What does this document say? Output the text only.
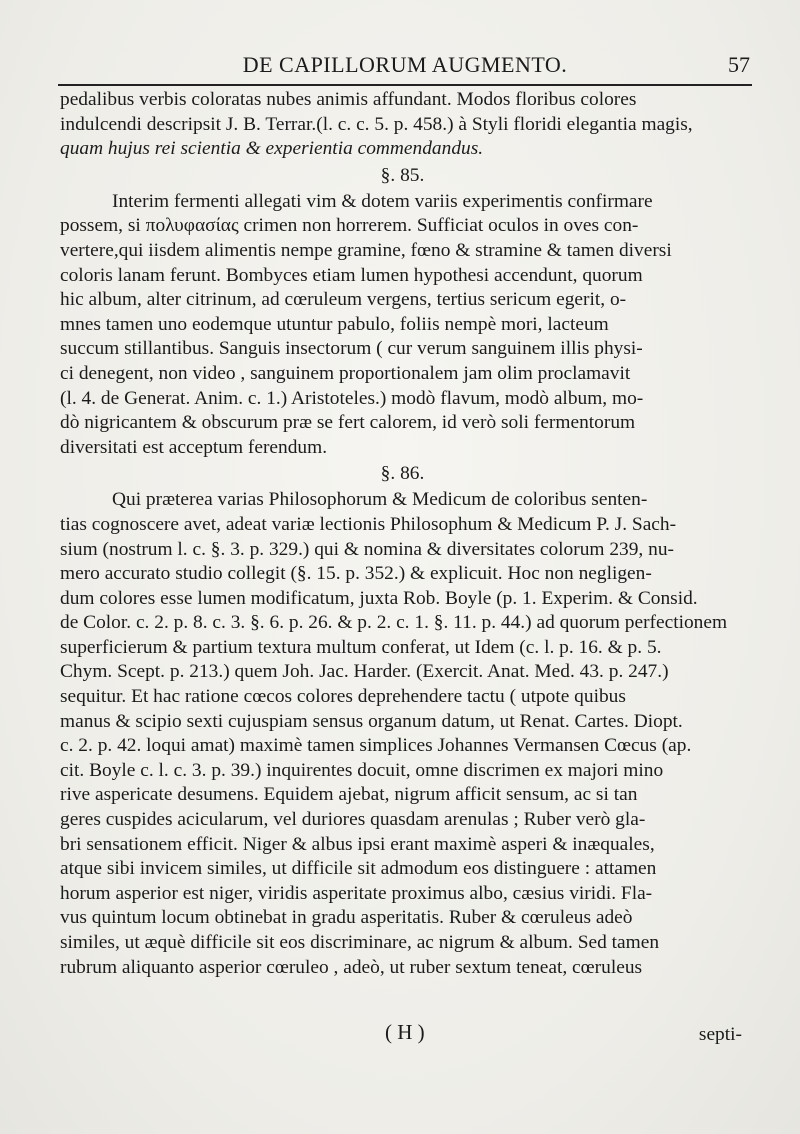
DE CAPILLORUM AUGMENTO.	57

pedalibus verbis coloratas nubes animis affundant. Modos floribus colores
indulcendi descripsit J. B. Terrar.(l. c. c. 5. p. 458.) à Styli floridi elegantia magis,
quam hujus rei scientia & experientia commendandus.

§. 85.

Interim fermenti allegati vim & dotem variis experimentis confirmare
possem, si πολυφασίας crimen non horrerem. Sufficiat oculos in oves con-
vertere,qui iisdem alimentis nempe gramine, fœno & stramine & tamen diversi
coloris lanam ferunt. Bombyces etiam lumen hypothesi accendunt, quorum
hic album, alter citrinum, ad cœruleum vergens, tertius sericum egerit, o-
mnes tamen uno eodemque utuntur pabulo, foliis nempè mori, lacteum
succum stillantibus. Sanguis insectorum ( cur verum sanguinem illis physi-
ci denegent, non video , sanguinem proportionalem jam olim proclamavit
(l. 4. de Generat. Anim. c. 1.) Aristoteles.) modò flavum, modò album, mo-
dò nigricantem & obscurum præ se fert calorem, id verò soli fermentorum
diversitati est acceptum ferendum.

§. 86.

Qui præterea varias Philosophorum & Medicum de coloribus senten-
tias cognoscere avet, adeat variæ lectionis Philosophum & Medicum P. J. Sach-
sium (nostrum l. c. §. 3. p. 329.) qui & nomina & diversitates colorum 239, nu-
mero accurato studio collegit (§. 15. p. 352.) & explicuit. Hoc non negligen-
dum colores esse lumen modificatum, juxta Rob. Boyle (p. 1. Experim. & Consid.
de Color. c. 2. p. 8. c. 3. §. 6. p. 26. & p. 2. c. 1. §. 11. p. 44.) ad quorum perfectionem
superficierum & partium textura multum conferat, ut Idem (c. l. p. 16. & p. 5.
Chym. Scept. p. 213.) quem Joh. Jac. Harder. (Exercit. Anat. Med. 43. p. 247.)
sequitur. Et hac ratione cœcos colores deprehendere tactu ( utpote quibus
manus & scipio sexti cujuspiam sensus organum datum, ut Renat. Cartes. Diopt.
c. 2. p. 42. loqui amat) maximè tamen simplices Johannes Vermansen Cœcus (ap.
cit. Boyle c. l. c. 3. p. 39.) inquirentes docuit, omne discrimen ex majori mino
rive aspericate desumens. Equidem ajebat, nigrum afficit sensum, ac si tan
geres cuspides acicularum, vel duriores quasdam arenulas ; Ruber verò gla-
bri sensationem efficit. Niger & albus ipsi erant maximè asperi & inæquales,
atque sibi invicem similes, ut difficile sit admodum eos distinguere : attamen
horum asperior est niger, viridis asperitate proximus albo, cæsius viridi. Fla-
vus quintum locum obtinebat in gradu asperitatis. Ruber & cœruleus adeò
similes, ut æquè difficile sit eos discriminare, ac nigrum & album. Sed tamen
rubrum aliquanto asperior cœruleo , adeò, ut ruber sextum teneat, cœruleus

( H )	septi-
